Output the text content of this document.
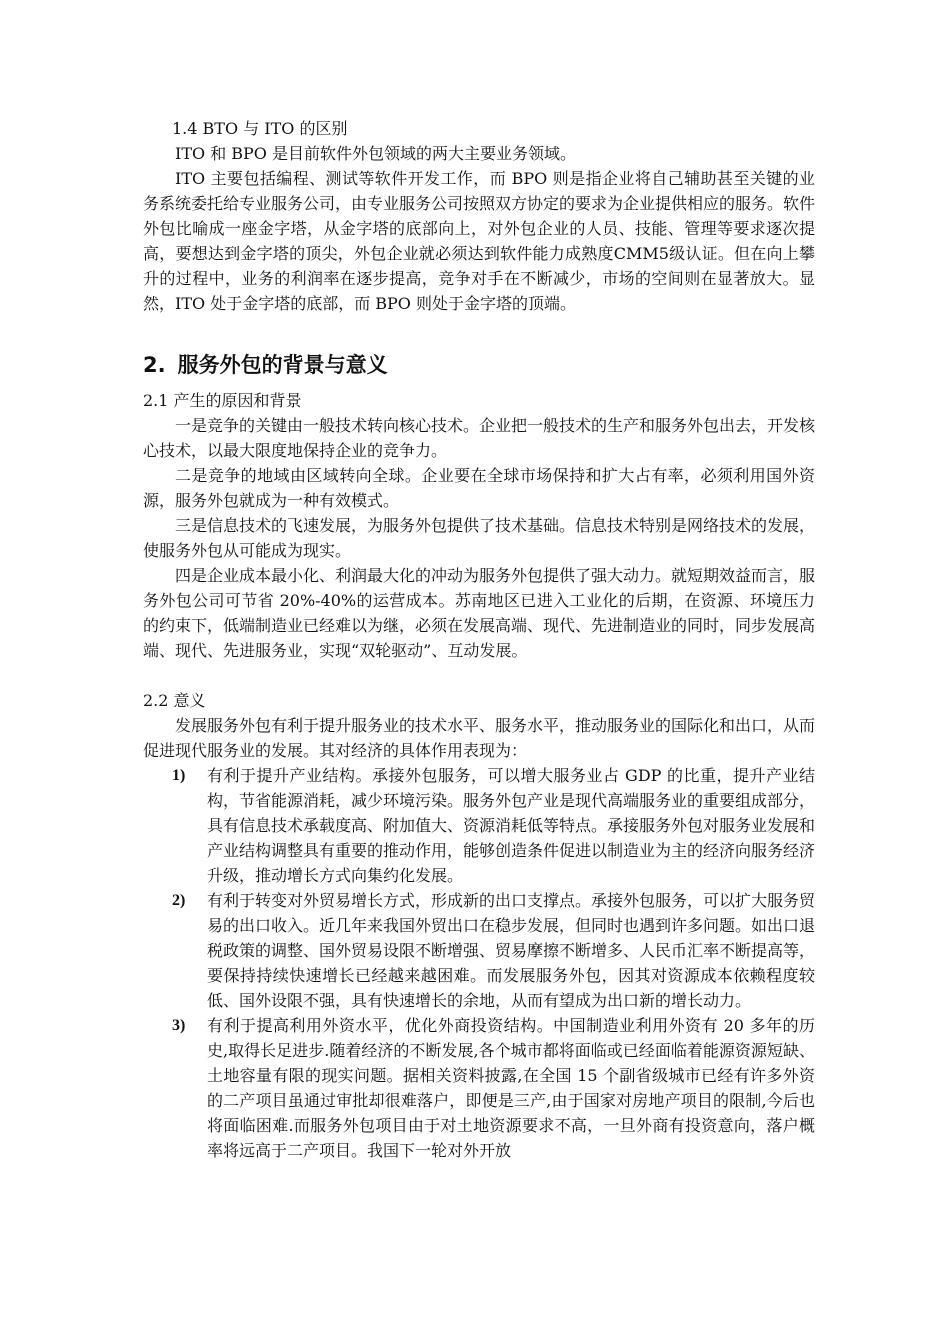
1.4 BTO 与 ITO 的区别

ITO 和 BPO 是目前软件外包领域的两大主要业务领域。

ITO 主要包括编程、测试等软件开发工作，而 BPO 则是指企业将自己辅助甚至关键的业务系统委托给专业服务公司，由专业服务公司按照双方协定的要求为企业提供相应的服务。软件外包比喻成一座金字塔，从金字塔的底部向上，对外包企业的人员、技能、管理等要求逐次提高，要想达到金字塔的顶尖，外包企业就必须达到软件能力成熟度CMM5级认证。但在向上攀升的过程中，业务的利润率在逐步提高，竞争对手在不断减少，市场的空间则在显著放大。显然，ITO 处于金字塔的底部，而 BPO 则处于金字塔的顶端。

2. 服务外包的背景与意义

2.1 产生的原因和背景

一是竞争的关键由一般技术转向核心技术。企业把一般技术的生产和服务外包出去，开发核心技术，以最大限度地保持企业的竞争力。

二是竞争的地域由区域转向全球。企业要在全球市场保持和扩大占有率，必须利用国外资源，服务外包就成为一种有效模式。

三是信息技术的飞速发展，为服务外包提供了技术基础。信息技术特别是网络技术的发展，使服务外包从可能成为现实。

四是企业成本最小化、利润最大化的冲动为服务外包提供了强大动力。就短期效益而言，服务外包公司可节省 20%-40%的运营成本。苏南地区已进入工业化的后期，在资源、环境压力的约束下，低端制造业已经难以为继，必须在发展高端、现代、先进制造业的同时，同步发展高端、现代、先进服务业，实现“双轮驱动”、互动发展。

2.2 意义

发展服务外包有利于提升服务业的技术水平、服务水平，推动服务业的国际化和出口，从而促进现代服务业的发展。其对经济的具体作用表现为：

1) 有利于提升产业结构。承接外包服务，可以增大服务业占 GDP 的比重，提升产业结构，节省能源消耗，减少环境污染。服务外包产业是现代高端服务业的重要组成部分，具有信息技术承载度高、附加值大、资源消耗低等特点。承接服务外包对服务业发展和产业结构调整具有重要的推动作用，能够创造条件促进以制造业为主的经济向服务经济升级，推动增长方式向集约化发展。
2) 有利于转变对外贸易增长方式，形成新的出口支撑点。承接外包服务，可以扩大服务贸易的出口收入。近几年来我国外贸出口在稳步发展，但同时也遇到许多问题。如出口退税政策的调整、国外贸易设限不断增强、贸易摩擦不断增多、人民币汇率不断提高等，要保持持续快速增长已经越来越困难。而发展服务外包，因其对资源成本依赖程度较低、国外设限不强，具有快速增长的余地，从而有望成为出口新的增长动力。
3) 有利于提高利用外资水平，优化外商投资结构。中国制造业利用外资有 20 多年的历史,取得长足进步.随着经济的不断发展,各个城市都将面临或已经面临着能源资源短缺、土地容量有限的现实问题。据相关资料披露,在全国 15 个副省级城市已经有许多外资的二产项目虽通过审批却很难落户，即便是三产,由于国家对房地产项目的限制,今后也将面临困难.而服务外包项目由于对土地资源要求不高，一旦外商有投资意向，落户概率将远高于二产项目。我国下一轮对外开放
